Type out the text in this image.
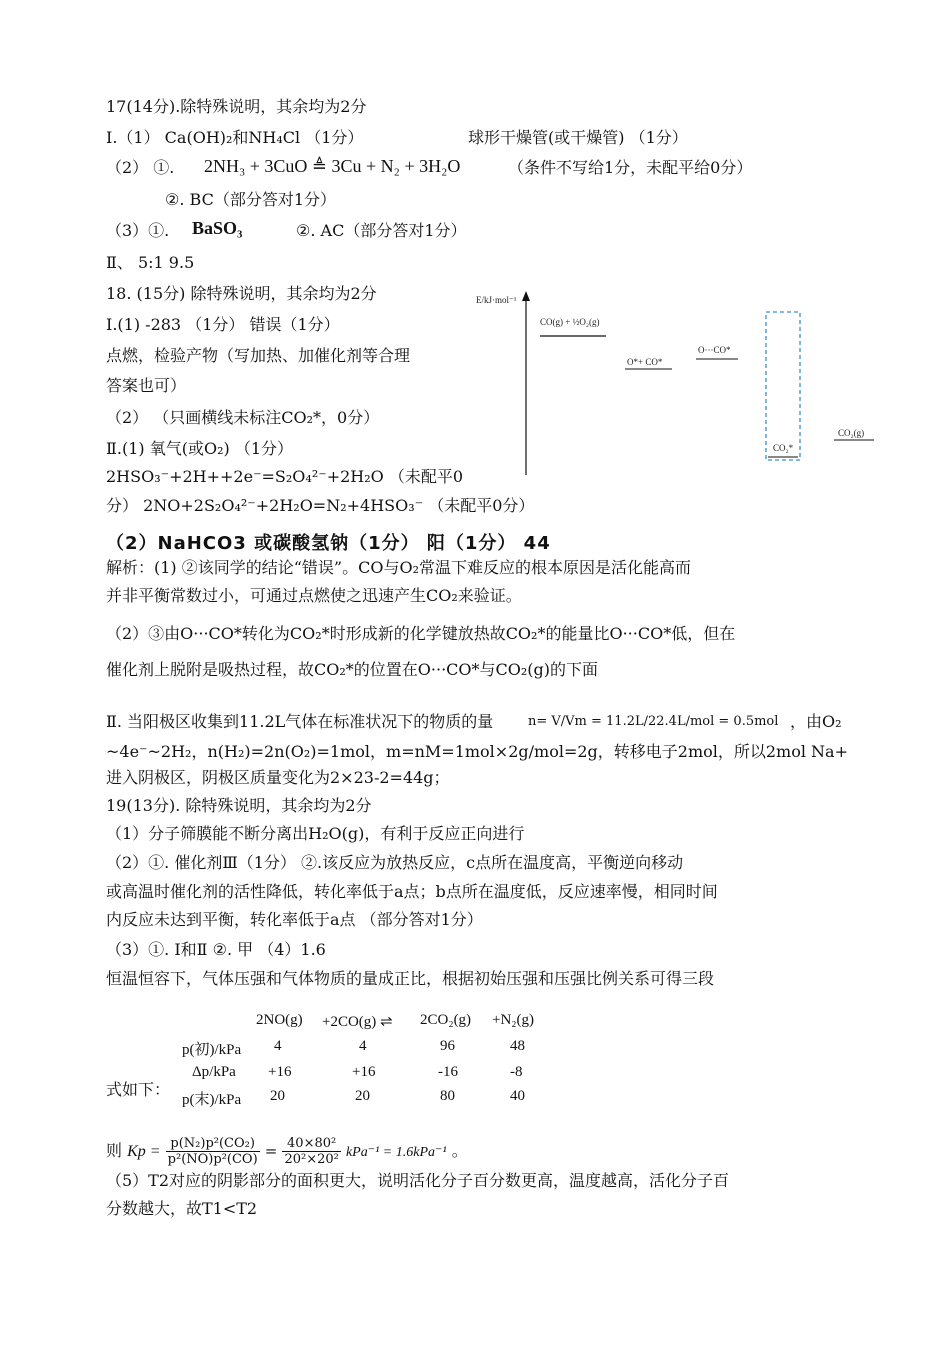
17(14分).除特殊说明，其余均为2分
Ⅰ.（1） Ca(OH)₂和NH₄Cl （1分）	球形干燥管(或干燥管) （1分）
（2） ①. 2NH₃ + 3CuO ≜ 3Cu + N₂ + 3H₂O	（条件不写给1分，未配平给0分）
②. BC（部分答对1分）
（3）①. BaSO₃	②. AC（部分答对1分）
Ⅱ、 5:1 9.5
18. (15分) 除特殊说明，其余均为2分
Ⅰ.(1) -283 （1分） 错误（1分）
点燃，检验产物（写加热、加催化剂等合理
答案也可）
（2） （只画横线未标注CO₂*，0分）
Ⅱ.(1) 氧气(或O₂) （1分）
2HSO₃⁻+2H++2e⁻=S₂O₄²⁻+2H₂O （未配平0
分） 2NO+2S₂O₄²⁻+2H₂O=N₂+4HSO₃⁻ （未配平0分）
（2）NaHCO3 或碳酸氢钠（1分） 阳（1分） 44
E/kJ·mol⁻¹
CO(g) + ½O₂(g)
O*+ CO*
O···CO*
CO₂*
CO₂(g)
解析：(1) ②该同学的结论“错误”。CO与O₂常温下难反应的根本原因是活化能高而
并非平衡常数过小，可通过点燃使之迅速产生CO₂来验证。
（2）③由O···CO*转化为CO₂*时形成新的化学键放热故CO₂*的能量比O···CO*低，但在
催化剂上脱附是吸热过程，故CO₂*的位置在O···CO*与CO₂(g)的下面
Ⅱ. 当阳极区收集到11.2L气体在标准状况下的物质的量	n= V/Vm = 11.2L/22.4L/mol = 0.5mol ，由O₂
~4e⁻~2H₂，n(H₂)=2n(O₂)=1mol，m=nM=1mol×2g/mol=2g，转移电子2mol，所以2mol Na+
进入阴极区，阴极区质量变化为2×23-2=44g；
19(13分). 除特殊说明，其余均为2分
（1）分子筛膜能不断分离出H₂O(g)，有利于反应正向进行
（2）①. 催化剂Ⅲ（1分） ②.该反应为放热反应，c点所在温度高，平衡逆向移动
或高温时催化剂的活性降低，转化率低于a点；b点所在温度低，反应速率慢，相同时间
内反应未达到平衡，转化率低于a点 （部分答对1分）
（3）①. Ⅰ和Ⅱ ②. 甲 （4）1.6
恒温恒容下，气体压强和气体物质的量成正比，根据初始压强和压强比例关系可得三段
式如下：
2NO(g) +2CO(g) ⇌ 2CO₂(g) +N₂(g)
p(初)/kPa 4	4	96	48
Δp/kPa +16	+16	-16	-8
p(末)/kPa 20	20	80	40
则 $Kp = \frac{\text{p(N₂)p²(CO₂)}}{\text{p²(NO)p²(CO)}} = \frac{\text{40×80²}}{\text{20²×20²}} kPa^{-1} = 1.6kPa^{-1}$ 。
（5）T2对应的阴影部分的面积更大，说明活化分子百分数更高，温度越高，活化分子百
分数越大，故T1<T2
